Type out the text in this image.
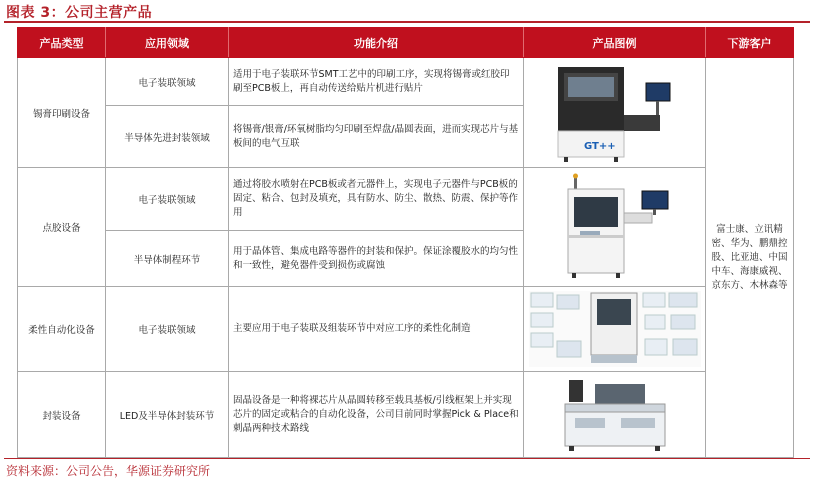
图表 3：公司主营产品
产品类型	应用领域	功能介绍	产品图例	下游客户
锡膏印刷设备	电子装联领域	适用于电子装联环节SMT工艺中的印刷工序，实现将锡膏或红胶印刷至PCB板上，再自动传送给贴片机进行贴片	GT++	富士康、立讯精密、华为、鹏鼎控股、比亚迪、中国中车、海康威视、京东方、木林森等
	半导体先进封装领域	将锡膏/银膏/环氧树脂均匀印刷至焊盘/晶圆表面，进而实现芯片与基板间的电气互联		
点胶设备	电子装联领域	通过将胶水喷射在PCB板或者元器件上，实现电子元器件与PCB板的固定、粘合、包封及填充，具有防水、防尘、散热、防震、保护等作用	

	半导体制程环节	用于晶体管、集成电路等器件的封装和保护。保证涂覆胶水的均匀性和一致性，避免器件受到损伤或腐蚀		
柔性自动化设备	电子装联领域	主要应用于电子装联及组装环节中对应工序的柔性化制造	

封装设备	LED及半导体封装环节	固晶设备是一种将裸芯片从晶圆转移至载具基板/引线框架上并实现芯片的固定或粘合的自动化设备，公司目前同时掌握Pick & Place和刺晶两种技术路线	
资料来源：公司公告，华源证券研究所
